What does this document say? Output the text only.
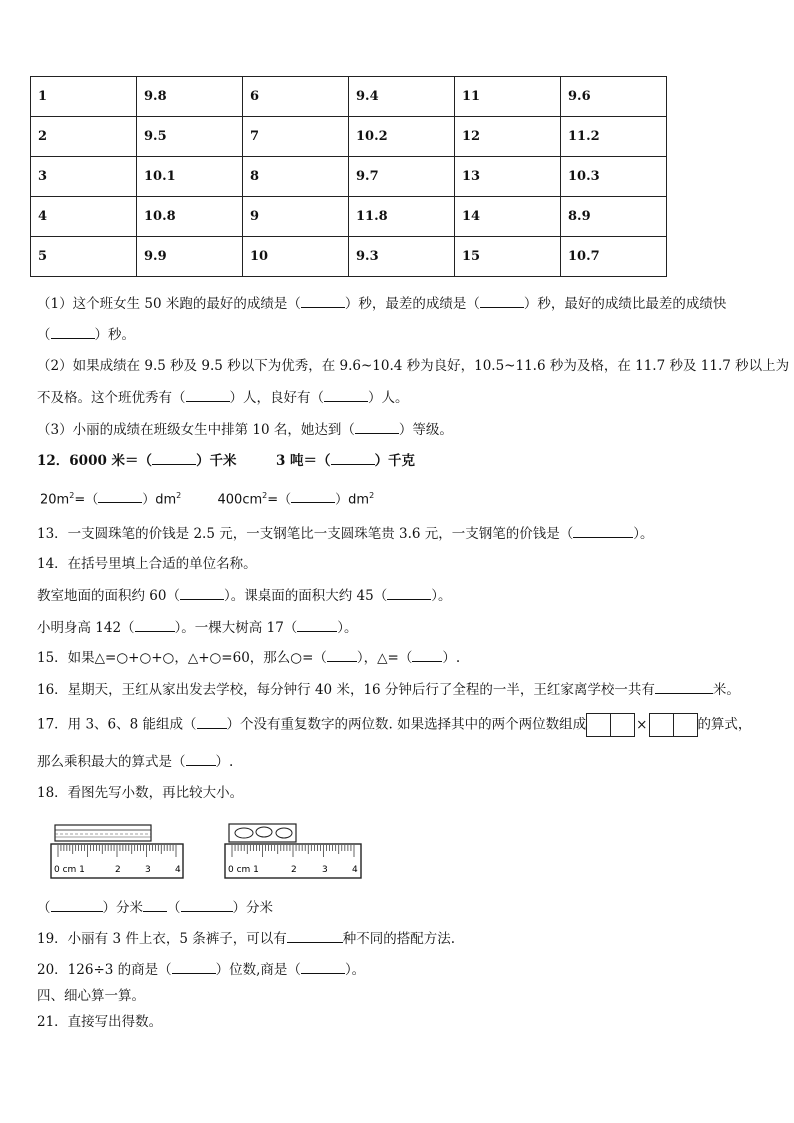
1	9.8	6	9.4	11	9.6
2	9.5	7	10.2	12	11.2
3	10.1	8	9.7	13	10.3
4	10.8	9	11.8	14	8.9
5	9.9	10	9.3	15	10.7
（1）这个班女生 50 米跑的最好的成绩是（	）秒，最差的成绩是（	）秒，最好的成绩比最差的成绩快
（	）秒。
（2）如果成绩在 9.5 秒及 9.5 秒以下为优秀，在 9.6~10.4 秒为良好，10.5~11.6 秒为及格，在 11.7 秒及 11.7 秒以上为
不及格。这个班优秀有（	）人，良好有（	）人。
（3）小丽的成绩在班级女生中排第 10 名，她达到（	）等级。
12．6000 米＝（	）千米	3 吨＝（	）千克
$20m^2=$（	）$dm^2$	$400cm^2=$（	）$dm^2$
13．一支圆珠笔的价钱是 2.5 元，一支钢笔比一支圆珠笔贵 3.6 元，一支钢笔的价钱是（	）。
14．在括号里填上合适的单位名称。
教室地面的面积约 60（	）。课桌面的面积大约 45（	）。
小明身高 142（	）。一棵大树高 17（	）。
15．如果△=○+○+○，△+○=60，那么○=（ ），△=（ ）.
16．星期天，王红从家出发去学校，每分钟行 40 米，16 分钟后行了全程的一半，王红家离学校一共有	米。
17．用 3、6、8 能组成（ ）个没有重复数字的两位数. 如果选择其中的两个两位数组成	×	的算式，
那么乘积最大的算式是（ ）.
18．看图先写小数，再比较大小。
0 cm 1	2	3	4	0 cm 1	2	3	4
（	）分米 （	）分米
19．小丽有 3 件上衣，5 条裤子，可以有	种不同的搭配方法.
20．126÷3 的商是（	）位数,商是（	）。
四、细心算一算。
21．直接写出得数。
